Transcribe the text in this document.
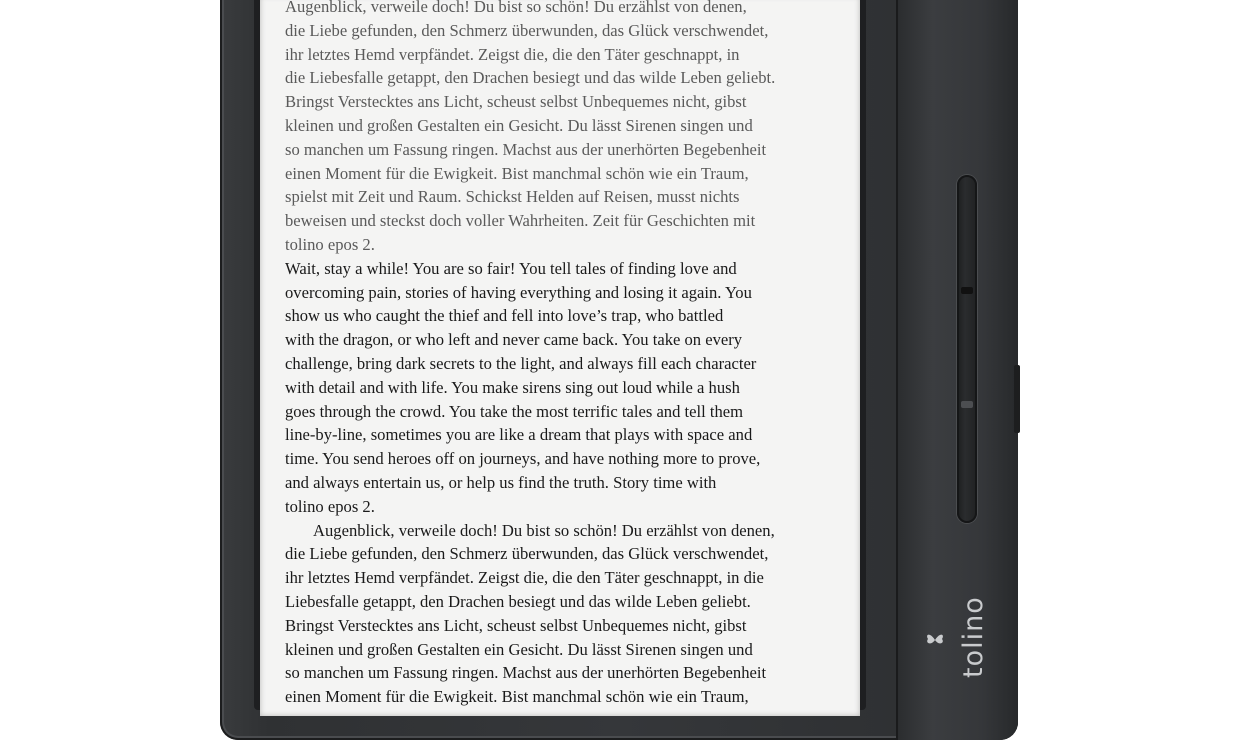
Augenblick, verweile doch! Du bist so schön! Du erzählst von denen,
die Liebe gefunden, den Schmerz überwunden, das Glück verschwendet,
ihr letztes Hemd verpfändet. Zeigst die, die den Täter geschnappt, in
die Liebesfalle getappt, den Drachen besiegt und das wilde Leben geliebt.
Bringst Verstecktes ans Licht, scheust selbst Unbequemes nicht, gibst
kleinen und großen Gestalten ein Gesicht. Du lässt Sirenen singen und
so manchen um Fassung ringen. Machst aus der unerhörten Begebenheit
einen Moment für die Ewigkeit. Bist manchmal schön wie ein Traum,
spielst mit Zeit und Raum. Schickst Helden auf Reisen, musst nichts
beweisen und steckst doch voller Wahrheiten. Zeit für Geschichten mit
tolino epos 2.
Wait, stay a while! You are so fair! You tell tales of finding love and
overcoming pain, stories of having everything and losing it again. You
show us who caught the thief and fell into love’s trap, who battled
with the dragon, or who left and never came back. You take on every
challenge, bring dark secrets to the light, and always fill each character
with detail and with life. You make sirens sing out loud while a hush
goes through the crowd. You take the most terrific tales and tell them
line-by-line, sometimes you are like a dream that plays with space and
time. You send heroes off on journeys, and have nothing more to prove,
and always entertain us, or help us find the truth. Story time with
tolino epos 2.
Augenblick, verweile doch! Du bist so schön! Du erzählst von denen,
die Liebe gefunden, den Schmerz überwunden, das Glück verschwendet,
ihr letztes Hemd verpfändet. Zeigst die, die den Täter geschnappt, in die
Liebesfalle getappt, den Drachen besiegt und das wilde Leben geliebt.
Bringst Verstecktes ans Licht, scheust selbst Unbequemes nicht, gibst
kleinen und großen Gestalten ein Gesicht. Du lässt Sirenen singen und
so manchen um Fassung ringen. Machst aus der unerhörten Begebenheit
einen Moment für die Ewigkeit. Bist manchmal schön wie ein Traum,
tolino
